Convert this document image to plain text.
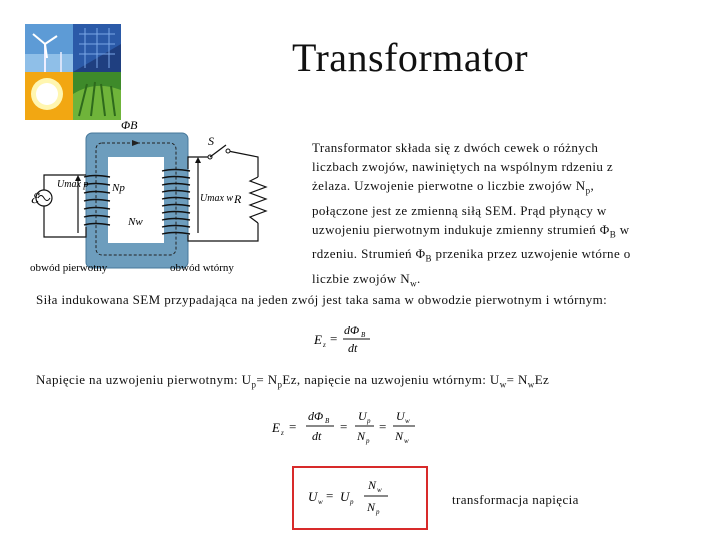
Transformator
ΦB
S
ℰ
Umax p Np
Umax w
Nw
R
obwód pierwotny	obwód wtórny
Transformator składa się z dwóch cewek o różnych
liczbach zwojów, nawiniętych na wspólnym rdzeniu z
żelaza. Uzwojenie pierwotne o liczbie zwojów $N_p$,
połączone jest ze zmienną siłą SEM. Prąd płynący w
uzwojeniu pierwotnym indukuje zmienny strumień $\Phi_B$ w
rdzeniu. Strumień $\Phi_B$ przenika przez uzwojenie wtórne o
liczbie zwojów $N_w$.
Siła indukowana SEM przypadająca na jeden zwój jest taka sama w obwodzie pierwotnym i wtórnym:
E z =
dΦ B
dt
Napięcie na uzwojeniu pierwotnym: $U_p= N_pEz$, napięcie na uzwojeniu wtórnym: $U_w= N_wEz$
E z =
dΦ B
dt
=
U p
N p
=
U w
N w
U w = U p
N w
N p
transformacja napięcia
